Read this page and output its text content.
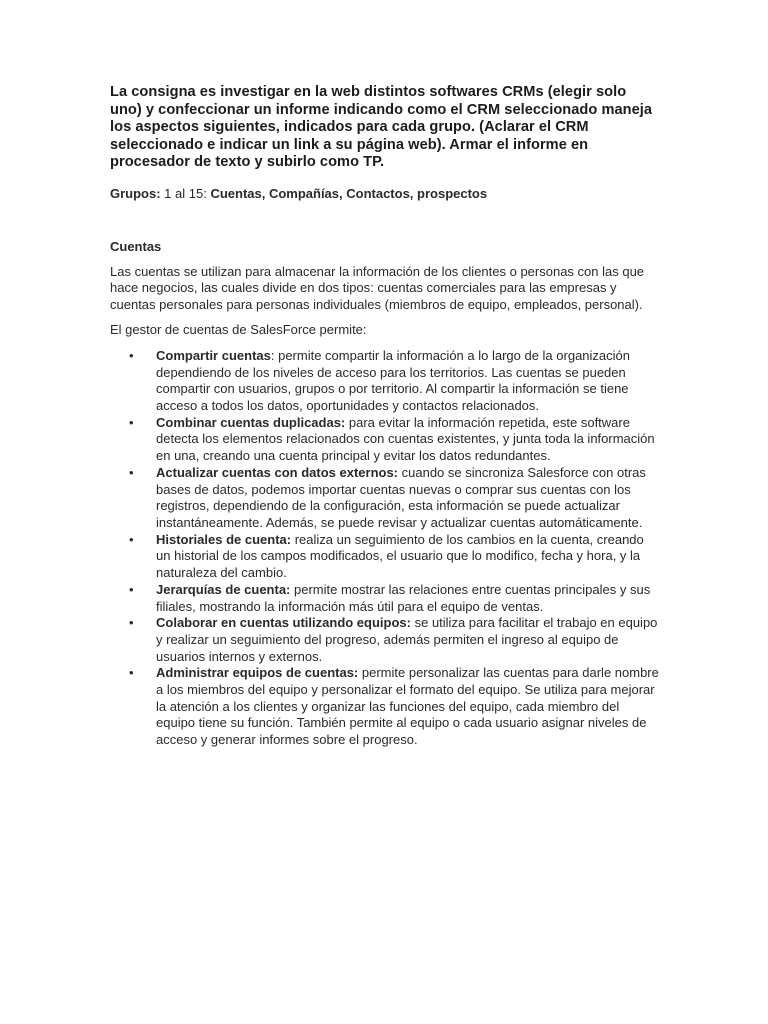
La consigna es investigar en la web distintos softwares CRMs (elegir solo uno) y confeccionar un informe indicando como el CRM seleccionado maneja los aspectos siguientes, indicados para cada grupo. (Aclarar el CRM seleccionado e indicar un link a su página web). Armar el informe en procesador de texto y subirlo como TP.

Grupos: 1 al 15: Cuentas, Compañías, Contactos, prospectos

Cuentas

Las cuentas se utilizan para almacenar la información de los clientes o personas con las que hace negocios, las cuales divide en dos tipos: cuentas comerciales para las empresas y cuentas personales para personas individuales (miembros de equipo, empleados, personal).

El gestor de cuentas de SalesForce permite:

• Compartir cuentas: permite compartir la información a lo largo de la organización dependiendo de los niveles de acceso para los territorios. Las cuentas se pueden compartir con usuarios, grupos o por territorio. Al compartir la información se tiene acceso a todos los datos, oportunidades y contactos relacionados.
• Combinar cuentas duplicadas: para evitar la información repetida, este software detecta los elementos relacionados con cuentas existentes, y junta toda la información en una, creando una cuenta principal y evitar los datos redundantes.
• Actualizar cuentas con datos externos: cuando se sincroniza Salesforce con otras bases de datos, podemos importar cuentas nuevas o comprar sus cuentas con los registros, dependiendo de la configuración, esta información se puede actualizar instantáneamente. Además, se puede revisar y actualizar cuentas automáticamente.
• Historiales de cuenta: realiza un seguimiento de los cambios en la cuenta, creando un historial de los campos modificados, el usuario que lo modifico, fecha y hora, y la naturaleza del cambio.
• Jerarquías de cuenta: permite mostrar las relaciones entre cuentas principales y sus filiales, mostrando la información más útil para el equipo de ventas.
• Colaborar en cuentas utilizando equipos: se utiliza para facilitar el trabajo en equipo y realizar un seguimiento del progreso, además permiten el ingreso al equipo de usuarios internos y externos.
• Administrar equipos de cuentas: permite personalizar las cuentas para darle nombre a los miembros del equipo y personalizar el formato del equipo. Se utiliza para mejorar la atención a los clientes y organizar las funciones del equipo, cada miembro del equipo tiene su función. También permite al equipo o cada usuario asignar niveles de acceso y generar informes sobre el progreso.
